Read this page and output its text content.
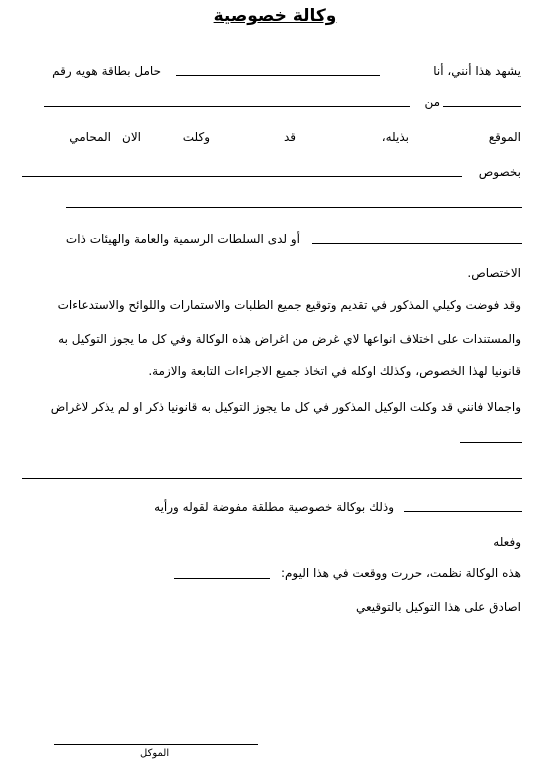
وكالة خصوصية
يشهد هذا أنني، أنا
حامل بطاقة هويه رقم
من
الموقع
بذيله،
قد
وكلت
الان
المحامي
بخصوص
أو لدى السلطات الرسمية والعامة والهيئات ذات
الاختصاص.
وقد فوضت وكيلي المذكور في تقديم وتوقيع جميع الطلبات والاستمارات واللوائح والاستدعاءات
والمستندات على اختلاف انواعها لاي غرض من اغراض هذه الوكالة وفي كل ما يجوز التوكيل به
قانونيا لهذا الخصوص، وكذلك اوكله في اتخاذ جميع الاجراءات التابعة والازمة.
واجمالا فانني قد وكلت الوكيل المذكور في كل ما يجوز التوكيل به قانونيا ذكر او لم يذكر لاغراض
وذلك بوكالة خصوصية مطلقة مفوضة لقوله ورأيه
وفعله
هذه الوكالة نظمت، حررت ووقعت في هذا اليوم:
اصادق على هذا التوكيل بالتوقيعي
الموكل
